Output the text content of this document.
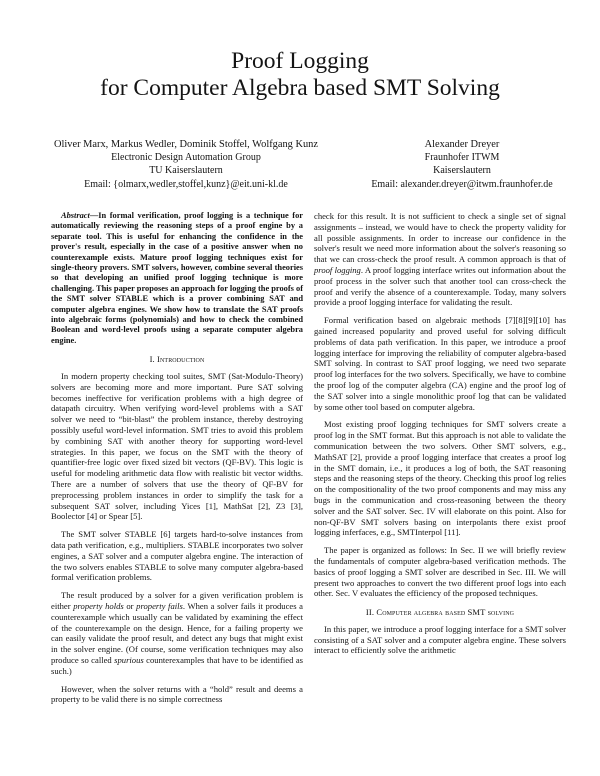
Proof Logging
for Computer Algebra based SMT Solving
Oliver Marx, Markus Wedler, Dominik Stoffel, Wolfgang Kunz
Electronic Design Automation Group
TU Kaiserslautern
Email: {olmarx,wedler,stoffel,kunz}@eit.uni-kl.de
Alexander Dreyer
Fraunhofer ITWM
Kaiserslautern
Email: alexander.dreyer@itwm.fraunhofer.de

Abstract—In formal verification, proof logging is a technique for automatically reviewing the reasoning steps of a proof engine by a separate tool. This is useful for enhancing the confidence in the prover's result, especially in the case of a positive answer when no counterexample exists. Mature proof logging techniques exist for single-theory provers. SMT solvers, however, combine several theories so that developing an unified proof logging technique is more challenging. This paper proposes an approach for logging the proofs of the SMT solver STABLE which is a prover combining SAT and computer algebra engines. We show how to translate the SAT proofs into algebraic forms (polynomials) and how to check the combined Boolean and word-level proofs using a separate computer algebra engine.

I. Introduction

In modern property checking tool suites, SMT (Sat-Modulo-Theory) solvers are becoming more and more important. Pure SAT solving becomes ineffective for verification problems with a high degree of datapath circuitry. When verifying word-level problems with a SAT solver we need to “bit-blast” the problem instance, thereby destroying possibly useful word-level information. SMT tries to avoid this problem by combining SAT with another theory for supporting word-level strategies. In this paper, we focus on the SMT with the theory of quantifier-free logic over fixed sized bit vectors (QF-BV). This logic is useful for modeling arithmetic data flow with realistic bit vector widths. There are a number of solvers that use the theory of QF-BV for preprocessing problem instances in order to simplify the task for a subsequent SAT solver, including Yices [1], MathSat [2], Z3 [3], Boolector [4] or Spear [5].

The SMT solver STABLE [6] targets hard-to-solve instances from data path verification, e.g., multipliers. STABLE incorporates two solver engines, a SAT solver and a computer algebra engine. The interaction of the two solvers enables STABLE to solve many computer algebra-based formal verification problems.

The result produced by a solver for a given verification problem is either property holds or property fails. When a solver fails it produces a counterexample which usually can be validated by examining the effect of the counterexample on the design. Hence, for a failing property we can easily validate the proof result, and detect any bugs that might exist in the solver engine. (Of course, some verification techniques may also produce so called spurious counterexamples that have to be identified as such.)

However, when the solver returns with a “hold” result and deems a property to be valid there is no simple correctness

check for this result. It is not sufficient to check a single set of signal assignments – instead, we would have to check the property validity for all possible assignments. In order to increase our confidence in the solver's result we need more information about the solver's reasoning so that we can cross-check the proof result. A common approach is that of proof logging. A proof logging interface writes out information about the proof process in the solver such that another tool can cross-check the proof and verify the absence of a counterexample. Today, many solvers provide a proof logging interface for validating the result.

Formal verification based on algebraic methods [7][8][9][10] has gained increased popularity and proved useful for solving difficult problems of data path verification. In this paper, we introduce a proof logging interface for improving the reliability of computer algebra-based SMT solving. In contrast to SAT proof logging, we need two separate proof log interfaces for the two solvers. Specifically, we have to combine the proof log of the computer algebra (CA) engine and the proof log of the SAT solver into a single monolithic proof log that can be validated by some other tool based on computer algebra.

Most existing proof logging techniques for SMT solvers create a proof log in the SMT format. But this approach is not able to validate the communication between the two solvers. Other SMT solvers, e.g., MathSAT [2], provide a proof logging interface that creates a proof log in the SMT domain, i.e., it produces a log of both, the SAT reasoning steps and the reasoning steps of the theory. Checking this proof log relies on the compositionality of the two proof components and may miss any bugs in the communication and cross-reasoning between the theory solver and the SAT solver. Sec. IV will elaborate on this point. Also for non-QF-BV SMT solvers basing on interpolants there exist proof logging inferfaces, e.g., SMTInterpol [11].

The paper is organized as follows: In Sec. II we will briefly review the fundamentals of computer algebra-based verification methods. The basics of proof logging a SMT solver are described in Sec. III. We will present two approaches to convert the two different proof logs into each other. Sec. V evaluates the efficiency of the proposed techniques.

II. Computer algebra based SMT solving

In this paper, we introduce a proof logging interface for a SMT solver consisting of a SAT solver and a computer algebra engine. These solvers interact to efficiently solve the arithmetic
